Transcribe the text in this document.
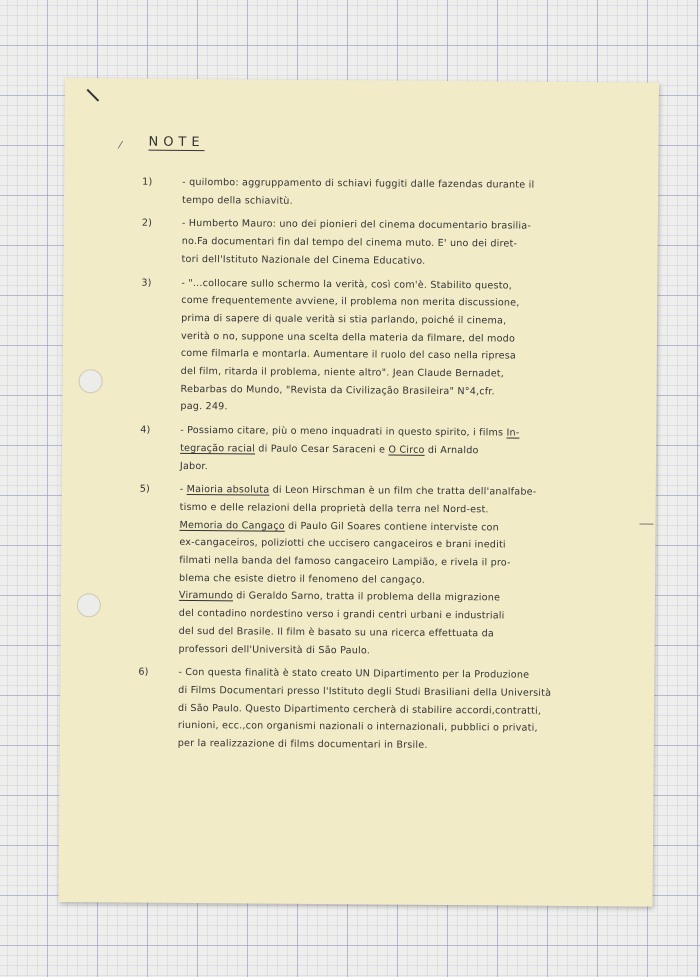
⁄ NOTE
1)	- quilombo: aggruppamento di schiavi fuggiti dalle fazendas durante il
tempo della schiavitù.
2)	- Humberto Mauro: uno dei pionieri del cinema documentario brasilia-
no.Fa documentari fin dal tempo del cinema muto. E' uno dei diret-
tori dell'Istituto Nazionale del Cinema Educativo.
3)	- "...collocare sullo schermo la verità, così com'è. Stabilito questo,
come frequentemente avviene, il problema non merita discussione,
prima di sapere di quale verità si stia parlando, poiché il cinema,
verità o no, suppone una scelta della materia da filmare, del modo
come filmarla e montarla. Aumentare il ruolo del caso nella ripresa
del film, ritarda il problema, niente altro". Jean Claude Bernadet,
Rebarbas do Mundo, "Revista da Civilização Brasileira" N°4,cfr.
pag. 249.
4)	- Possiamo citare, più o meno inquadrati in questo spirito, i films In-
tegração racial di Paulo Cesar Saraceni e O Circo di Arnaldo
Jabor.
5)	- Maioria absoluta di Leon Hirschman è un film che tratta dell'analfabe-
tismo e delle relazioni della proprietà della terra nel Nord-est.
Memoria do Cangaço di Paulo Gil Soares contiene interviste con
ex-cangaceiros, poliziotti che uccisero cangaceiros e brani inediti
filmati nella banda del famoso cangaceiro Lampião, e rivela il pro-
blema che esiste dietro il fenomeno del cangaço.
Viramundo di Geraldo Sarno, tratta il problema della migrazione
del contadino nordestino verso i grandi centri urbani e industriali
del sud del Brasile. Il film è basato su una ricerca effettuata da
professori dell'Università di São Paulo.
6)	- Con questa finalità è stato creato UN Dipartimento per la Produzione
di Films Documentari presso l'Istituto degli Studi Brasiliani della Università
di São Paulo. Questo Dipartimento cercherà di stabilire accordi,contratti,
riunioni, ecc.,con organismi nazionali o internazionali, pubblici o privati,
per la realizzazione di films documentari in Brsile.
